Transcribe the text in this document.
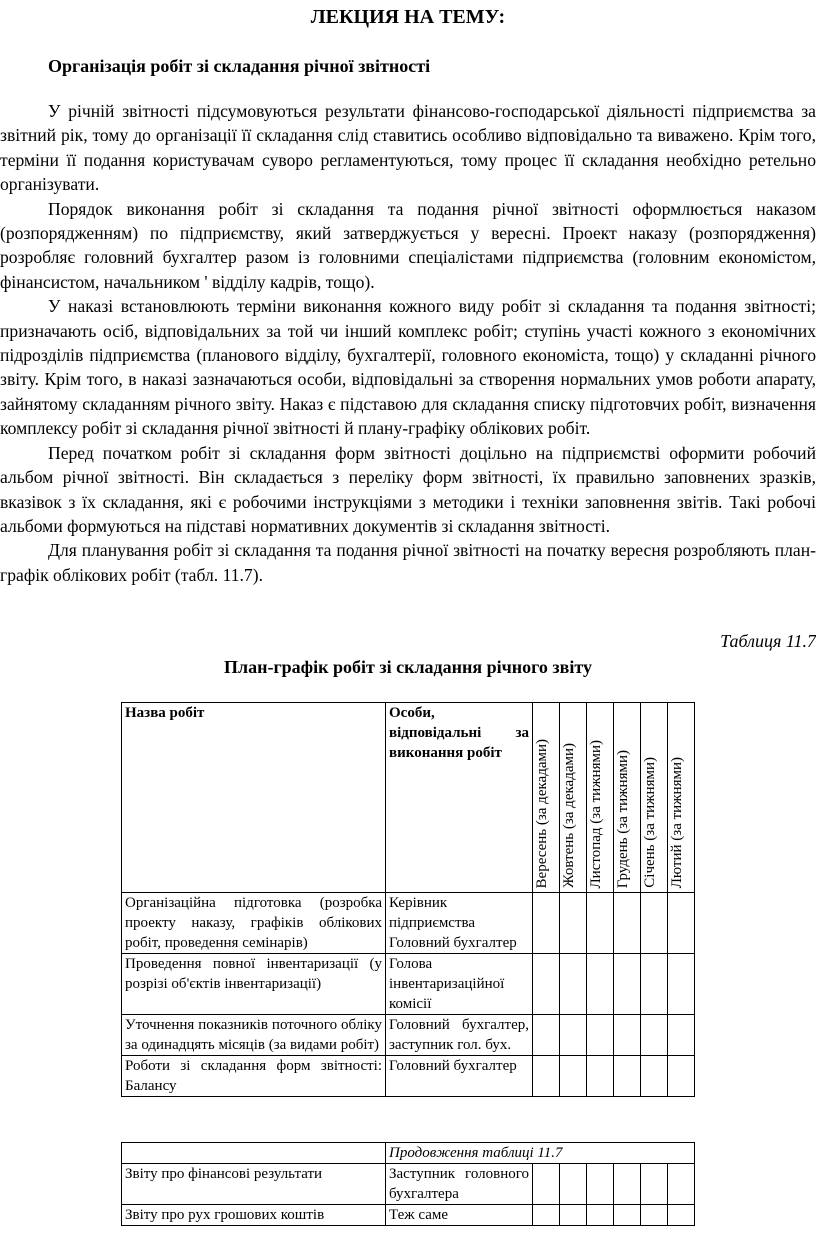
ЛЕКЦИЯ НА ТЕМУ:
Організація робіт зі складання річної звітності

У річній звітності підсумовуються результати фінансово-господарської діяльності підприємства за звітний рік, тому до організації її складання слід ставитись особливо відповідально та виважено. Крім того, терміни її подання користувачам суворо регламентуються, тому процес її складання необхідно ретельно організувати.

Порядок виконання робіт зі складання та подання річної звітності оформлюється наказом (розпорядженням) по підприємству, який затверджується у вересні. Проект наказу (розпорядження) розробляє головний бухгалтер разом із головними спеціалістами підприємства (головним економістом, фінансистом, начальником ' відділу кадрів, тощо).

У наказі встановлюють терміни виконання кожного виду робіт зі складання та подання звітності; призначають осіб, відповідальних за той чи інший комплекс робіт; ступінь участі кожного з економічних підрозділів підприємства (планового відділу, бухгалтерії, головного економіста, тощо) у складанні річного звіту. Крім того, в наказі зазначаються особи, відповідальні за створення нормальних умов роботи апарату, зайнятому складанням річного звіту. Наказ є підставою для складання списку підготовчих робіт, визначення комплексу робіт зі складання річної звітності й плану-графіку облікових робіт.

Перед початком робіт зі складання форм звітності доцільно на підприємстві оформити робочий альбом річної звітності. Він складається з переліку форм звітності, їх правильно заповнених зразків, вказівок з їх складання, які є робочими інструкціями з методики і техніки заповнення звітів. Такі робочі альбоми формуються на підставі нормативних документів зі складання звітності.

Для планування робіт зі складання та подання річної звітності на початку вересня розробляють план-графік облікових робіт (табл. 11.7).

Таблиця 11.7
План-графік робіт зі складання річного звіту
Назва робіт	Особи, відповідальні за виконання робіт	Вересень (за декадами)	Жовтень (за декадами)	Листопад (за тижнями)	Грудень (за тижнями)	Січень (за тижнями)	Лютий (за тижнями)

Організаційна підготовка (розробка проекту наказу, графіків облікових робіт, проведення семінарів)	Керівник підприємства Головний бухгалтер						
Проведення повної інвентаризації (у розрізі об'єктів інвентаризації)	Голова інвентаризаційної комісії						
Уточнення показників поточного обліку за одинадцять місяців (за видами робіт)	Головний бухгалтер, заступник гол. бух.						
Роботи зі складання форм звітності: Балансу	Головний бухгалтер						
	Продовження таблиці 11.7						
Звіту про фінансові результати	Заступник головного бухгалтера						
Звіту про рух грошових коштів	Теж саме						
